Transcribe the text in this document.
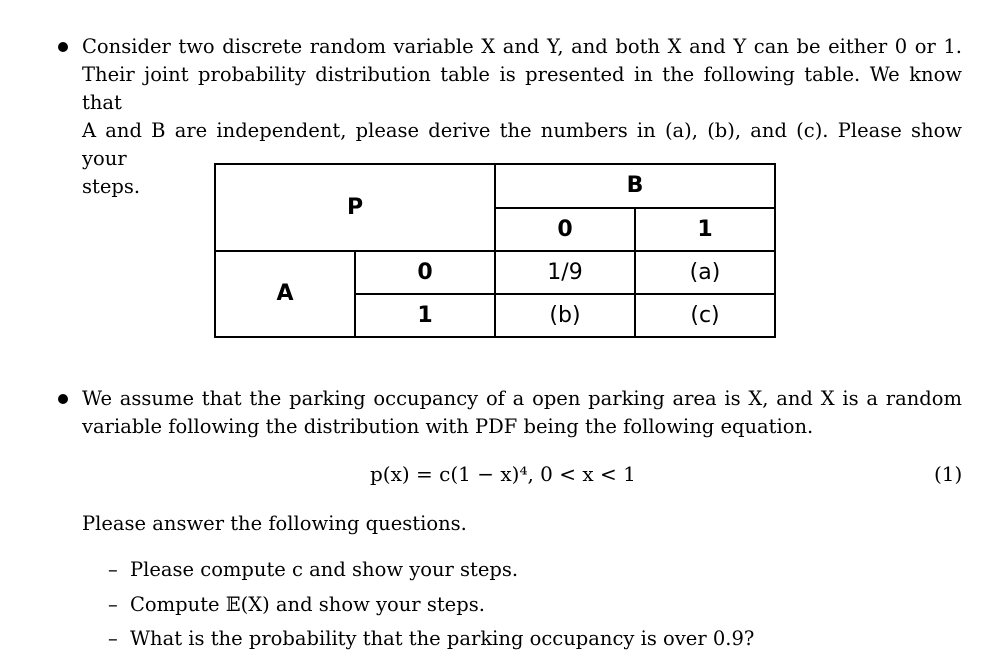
Consider two discrete random variable X and Y, and both X and Y can be either 0 or 1.
Their joint probability distribution table is presented in the following table. We know that
A and B are independent, please derive the numbers in (a), (b), and (c). Please show your
steps.
P		B	
		0	1
A	0	1/9	(a)
	1	(b)	(c)
We assume that the parking occupancy of a open parking area is X, and X is a random
variable following the distribution with PDF being the following equation.
p(x) = c(1 − x)⁴, 0 < x < 1	(1)
Please answer the following questions.
– Please compute c and show your steps.
– Compute 𝔼(X) and show your steps.
– What is the probability that the parking occupancy is over 0.9?
